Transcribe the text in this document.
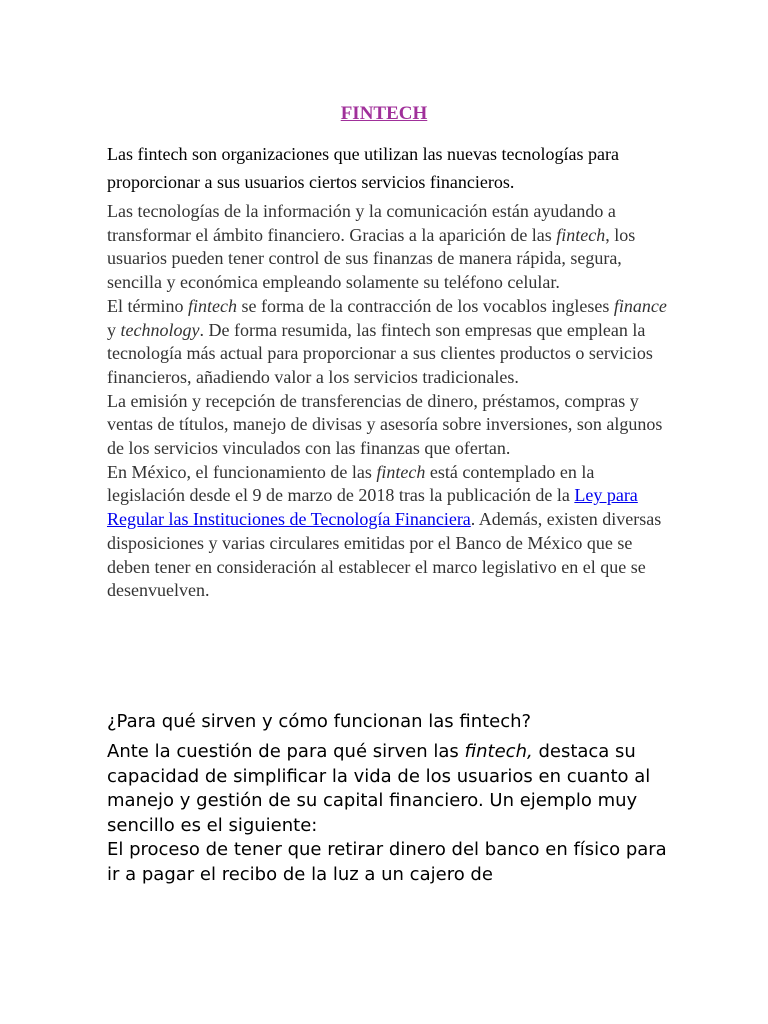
FINTECH
Las fintech son organizaciones que utilizan las nuevas tecnologías para proporcionar a sus usuarios ciertos servicios financieros.

Las tecnologías de la información y la comunicación están ayudando a transformar el ámbito financiero. Gracias a la aparición de las fintech, los usuarios pueden tener control de sus finanzas de manera rápida, segura, sencilla y económica empleando solamente su teléfono celular.

El término fintech se forma de la contracción de los vocablos ingleses finance y technology. De forma resumida, las fintech son empresas que emplean la tecnología más actual para proporcionar a sus clientes productos o servicios financieros, añadiendo valor a los servicios tradicionales.

La emisión y recepción de transferencias de dinero, préstamos, compras y ventas de títulos, manejo de divisas y asesoría sobre inversiones, son algunos de los servicios vinculados con las finanzas que ofertan.

En México, el funcionamiento de las fintech está contemplado en la legislación desde el 9 de marzo de 2018 tras la publicación de la Ley para Regular las Instituciones de Tecnología Financiera. Además, existen diversas disposiciones y varias circulares emitidas por el Banco de México que se deben tener en consideración al establecer el marco legislativo en el que se desenvuelven.

¿Para qué sirven y cómo funcionan las fintech?

Ante la cuestión de para qué sirven las fintech, destaca su capacidad de simplificar la vida de los usuarios en cuanto al manejo y gestión de su capital financiero. Un ejemplo muy sencillo es el siguiente:

El proceso de tener que retirar dinero del banco en físico para ir a pagar el recibo de la luz a un cajero de
